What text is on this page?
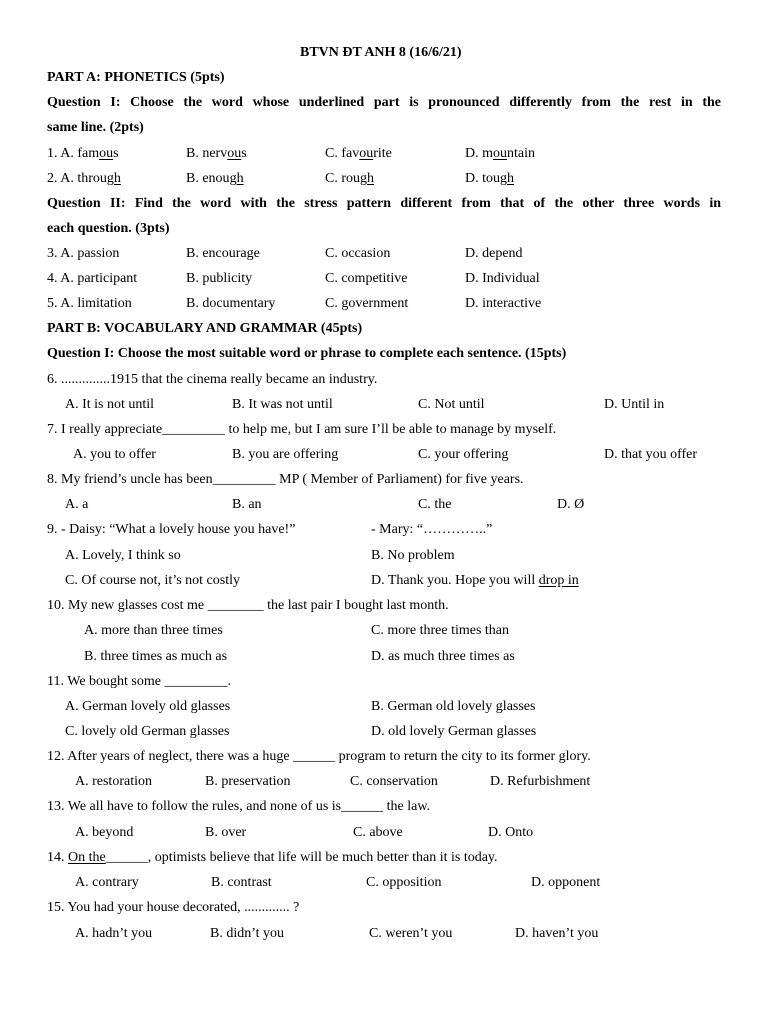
BTVN ĐT ANH 8 (16/6/21)
PART A: PHONETICS (5pts)
Question I: Choose the word whose underlined part is pronounced differently from the rest in the
same line. (2pts)
1. A. famous	B. nervous	C. favourite	D. mountain
2. A. through	B. enough	C. rough	D. tough
Question II: Find the word with the stress pattern different from that of the other three words in
each question. (3pts)
3. A. passion	B. encourage	C. occasion	D. depend
4. A. participant	B. publicity	C. competitive	D. Individual
5. A. limitation	B. documentary	C. government	D. interactive
PART B: VOCABULARY AND GRAMMAR (45pts)
Question I: Choose the most suitable word or phrase to complete each sentence. (15pts)
6. ..............1915 that the cinema really became an industry.
A. It is not until	B. It was not until	C. Not until	D. Until in
7. I really appreciate_________ to help me, but I am sure I’ll be able to manage by myself.
A. you to offer	B. you are offering	C. your offering	D. that you offer
8. My friend’s uncle has been_________ MP ( Member of Parliament) for five years.
A. a	B. an	C. the	D. Ø
9. - Daisy: “What a lovely house you have!”	- Mary: “…………..”
A. Lovely, I think so	B. No problem
C. Of course not, it’s not costly	D. Thank you. Hope you will drop in
10. My new glasses cost me ________ the last pair I bought last month.
A. more than three times	C. more three times than
B. three times as much as	D. as much three times as
11. We bought some _________.
A. German lovely old glasses	B. German old lovely glasses
C. lovely old German glasses	D. old lovely German glasses
12. After years of neglect, there was a huge ______ program to return the city to its former glory.
A. restoration	B. preservation	C. conservation	D. Refurbishment
13. We all have to follow the rules, and none of us is______ the law.
A. beyond	B. over	C. above	D. Onto
14. On the______, optimists believe that life will be much better than it is today.
A. contrary	B. contrast	C. opposition	D. opponent
15. You had your house decorated, ............. ?
A. hadn’t you	B. didn’t you	C. weren’t you	D. haven’t you
